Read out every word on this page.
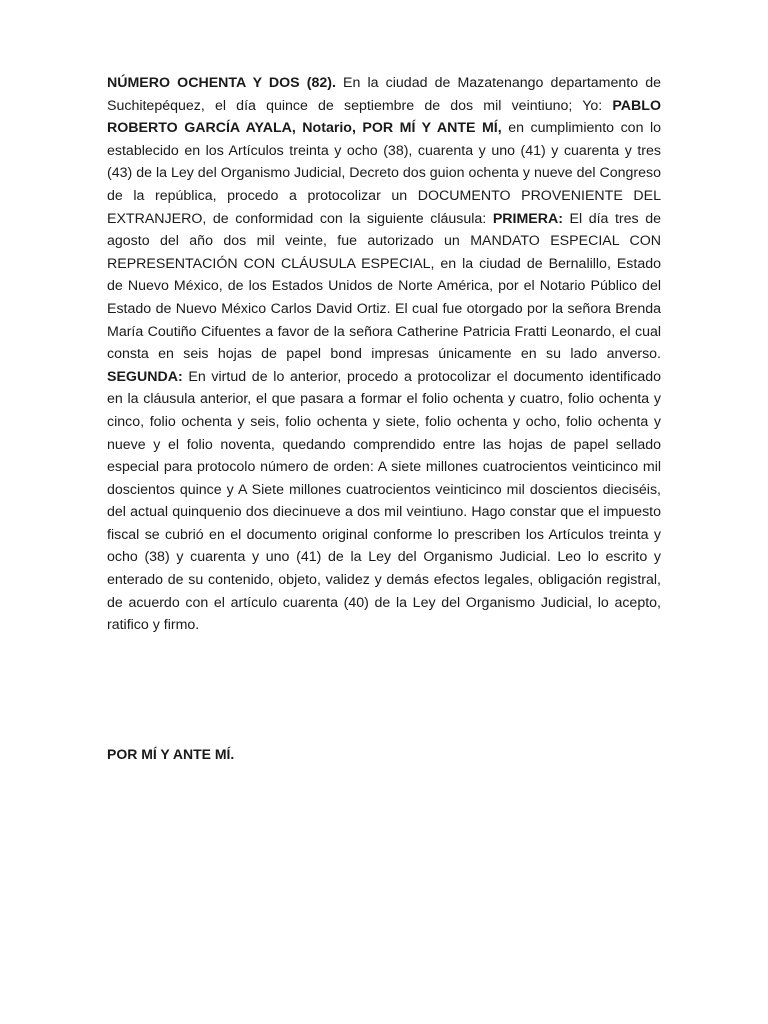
NÚMERO OCHENTA Y DOS (82). En la ciudad de Mazatenango departamento de Suchitepéquez, el día quince de septiembre de dos mil veintiuno; Yo: PABLO ROBERTO GARCÍA AYALA, Notario, POR MÍ Y ANTE MÍ, en cumplimiento con lo establecido en los Artículos treinta y ocho (38), cuarenta y uno (41) y cuarenta y tres (43) de la Ley del Organismo Judicial, Decreto dos guion ochenta y nueve del Congreso de la república, procedo a protocolizar un DOCUMENTO PROVENIENTE DEL EXTRANJERO, de conformidad con la siguiente cláusula: PRIMERA: El día tres de agosto del año dos mil veinte, fue autorizado un MANDATO ESPECIAL CON REPRESENTACIÓN CON CLÁUSULA ESPECIAL, en la ciudad de Bernalillo, Estado de Nuevo México, de los Estados Unidos de Norte América, por el Notario Público del Estado de Nuevo México Carlos David Ortiz. El cual fue otorgado por la señora Brenda María Coutiño Cifuentes a favor de la señora Catherine Patricia Fratti Leonardo, el cual consta en seis hojas de papel bond impresas únicamente en su lado anverso. SEGUNDA: En virtud de lo anterior, procedo a protocolizar el documento identificado en la cláusula anterior, el que pasara a formar el folio ochenta y cuatro, folio ochenta y cinco, folio ochenta y seis, folio ochenta y siete, folio ochenta y ocho, folio ochenta y nueve y el folio noventa, quedando comprendido entre las hojas de papel sellado especial para protocolo número de orden: A siete millones cuatrocientos veinticinco mil doscientos quince y A Siete millones cuatrocientos veinticinco mil doscientos dieciséis, del actual quinquenio dos diecinueve a dos mil veintiuno. Hago constar que el impuesto fiscal se cubrió en el documento original conforme lo prescriben los Artículos treinta y ocho (38) y cuarenta y uno (41) de la Ley del Organismo Judicial. Leo lo escrito y enterado de su contenido, objeto, validez y demás efectos legales, obligación registral, de acuerdo con el artículo cuarenta (40) de la Ley del Organismo Judicial, lo acepto, ratifico y firmo.

POR MÍ Y ANTE MÍ.
